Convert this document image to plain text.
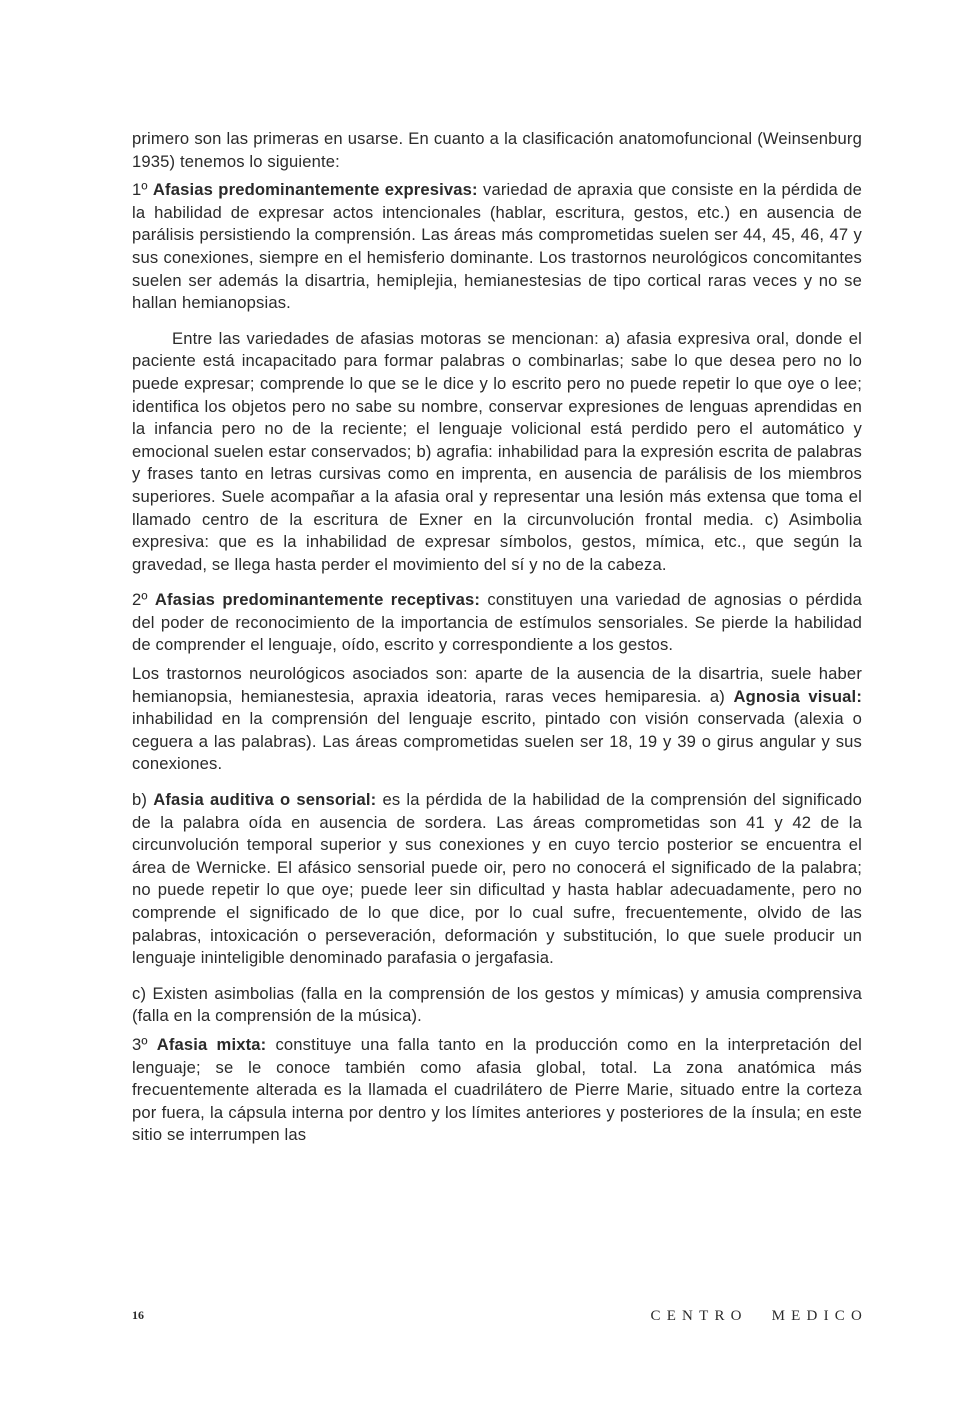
primero son las primeras en usarse. En cuanto a la clasificación anatomofuncional (Weinsenburg 1935) tenemos lo siguiente:

1º Afasias predominantemente expresivas: variedad de apraxia que consiste en la pérdida de la habilidad de expresar actos intencionales (hablar, escritura, gestos, etc.) en ausencia de parálisis persistiendo la comprensión. Las áreas más comprometidas suelen ser 44, 45, 46, 47 y sus conexiones, siempre en el hemisferio dominante. Los trastornos neurológicos concomitantes suelen ser además la disartria, hemiplejia, hemianestesias de tipo cortical raras veces y no se hallan hemianopsias.

Entre las variedades de afasias motoras se mencionan: a) afasia expresiva oral, donde el paciente está incapacitado para formar palabras o combinarlas; sabe lo que desea pero no lo puede expresar; comprende lo que se le dice y lo escrito pero no puede repetir lo que oye o lee; identifica los objetos pero no sabe su nombre, conservar expresiones de lenguas aprendidas en la infancia pero no de la reciente; el lenguaje volicional está perdido pero el automático y emocional suelen estar conservados; b) agrafia: inhabilidad para la expresión escrita de palabras y frases tanto en letras cursivas como en imprenta, en ausencia de parálisis de los miembros superiores. Suele acompañar a la afasia oral y representar una lesión más extensa que toma el llamado centro de la escritura de Exner en la circunvolución frontal media. c) Asimbolia expresiva: que es la inhabilidad de expresar símbolos, gestos, mímica, etc., que según la gravedad, se llega hasta perder el movimiento del sí y no de la cabeza.

2º Afasias predominantemente receptivas: constituyen una variedad de agnosias o pérdida del poder de reconocimiento de la importancia de estímulos sensoriales. Se pierde la habilidad de comprender el lenguaje, oído, escrito y correspondiente a los gestos.

Los trastornos neurológicos asociados son: aparte de la ausencia de la disartria, suele haber hemianopsia, hemianestesia, apraxia ideatoria, raras veces hemiparesia. a) Agnosia visual: inhabilidad en la comprensión del lenguaje escrito, pintado con visión conservada (alexia o ceguera a las palabras). Las áreas comprometidas suelen ser 18, 19 y 39 o girus angular y sus conexiones.

b) Afasia auditiva o sensorial: es la pérdida de la habilidad de la comprensión del significado de la palabra oída en ausencia de sordera. Las áreas comprometidas son 41 y 42 de la circunvolución temporal superior y sus conexiones y en cuyo tercio posterior se encuentra el área de Wernicke. El afásico sensorial puede oir, pero no conocerá el significado de la palabra; no puede repetir lo que oye; puede leer sin dificultad y hasta hablar adecuadamente, pero no comprende el significado de lo que dice, por lo cual sufre, frecuentemente, olvido de las palabras, intoxicación o perseveración, deformación y substitución, lo que suele producir un lenguaje ininteligible denominado parafasia o jergafasia.

c) Existen asimbolias (falla en la comprensión de los gestos y mímicas) y amusia comprensiva (falla en la comprensión de la música).

3º Afasia mixta: constituye una falla tanto en la producción como en la interpretación del lenguaje; se le conoce también como afasia global, total. La zona anatómica más frecuentemente alterada es la llamada el cuadrilátero de Pierre Marie, situado entre la corteza por fuera, la cápsula interna por dentro y los límites anteriores y posteriores de la ínsula; en este sitio se interrumpen las

16	CENTRO MEDICO
